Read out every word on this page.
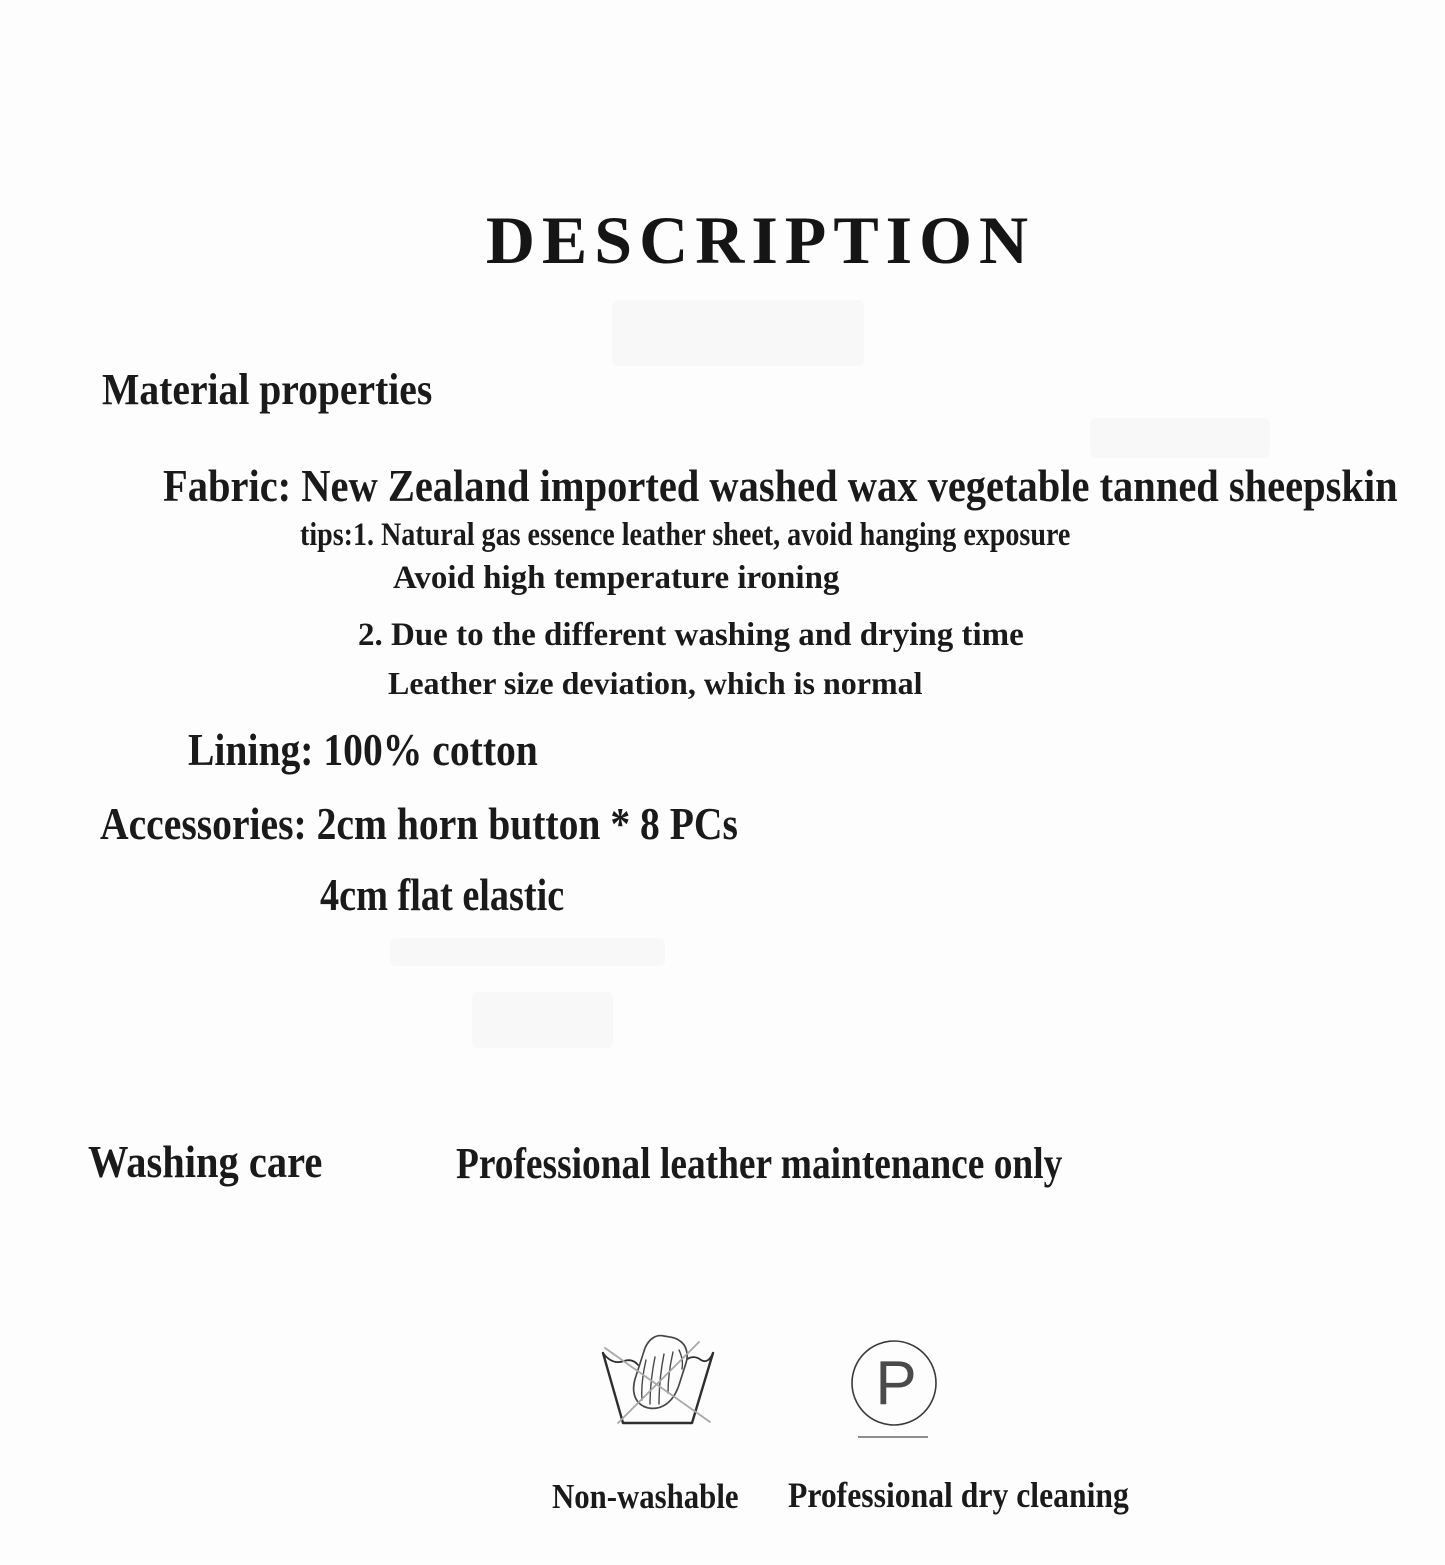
DESCRIPTION
Material properties
Fabric: New Zealand imported washed wax vegetable tanned sheepskin
tips:1. Natural gas essence leather sheet, avoid hanging exposure
Avoid high temperature ironing
2. Due to the different washing and drying time
Leather size deviation, which is normal
Lining: 100% cotton
Accessories: 2cm horn button * 8 PCs
4cm flat elastic
Washing care	Professional leather maintenance only
P
Non-washable Professional dry cleaning
